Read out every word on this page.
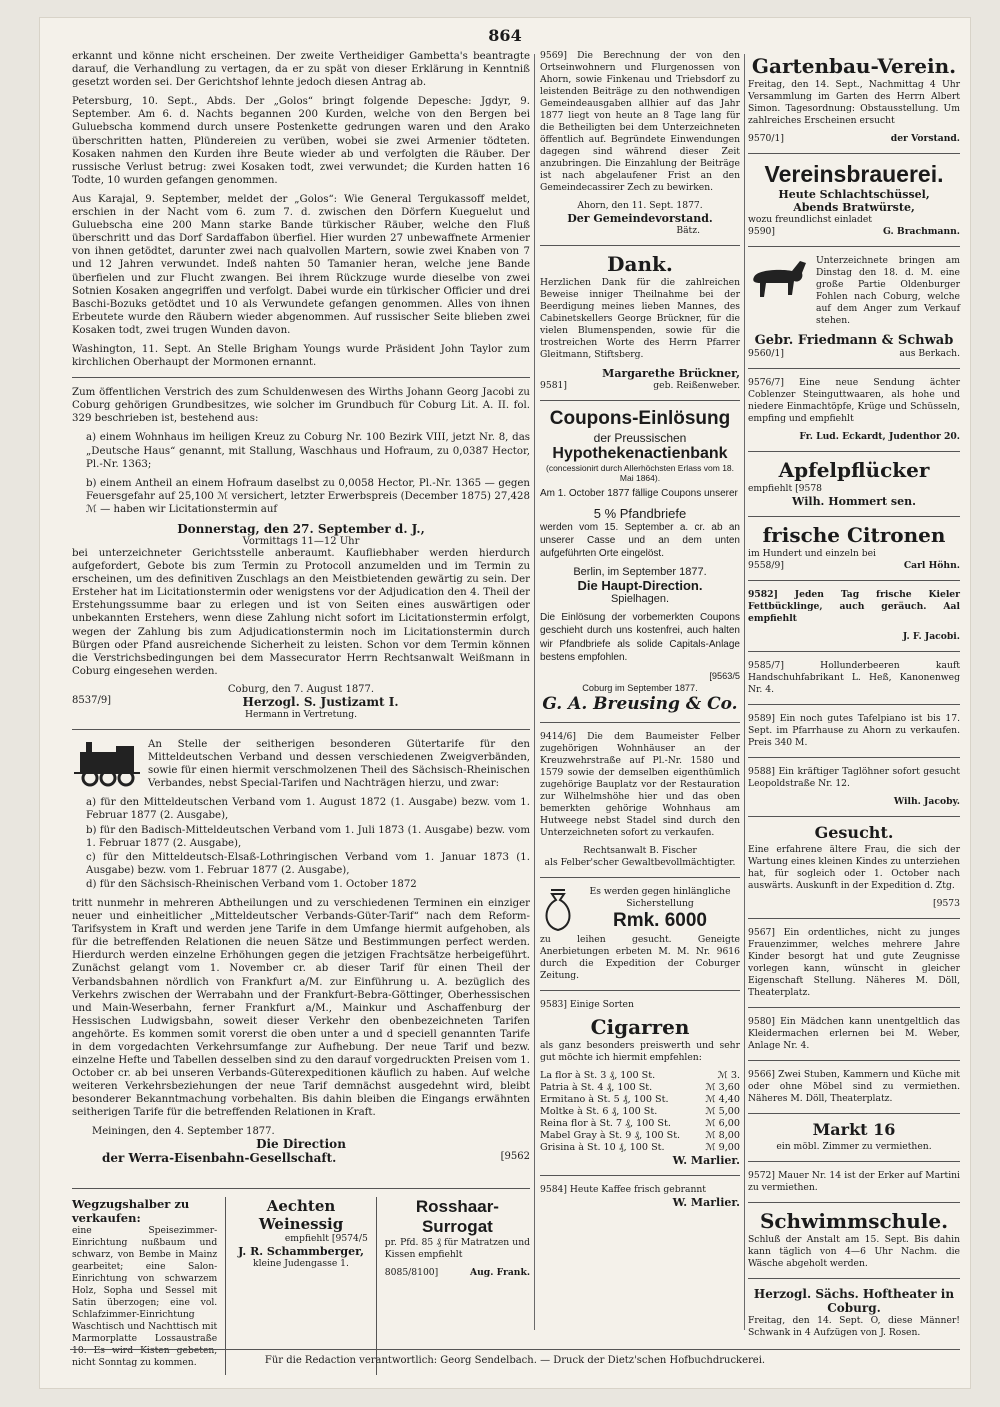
864

erkannt und könne nicht erscheinen. Der zweite Vertheidiger Gambetta's beantragte darauf, die Verhandlung zu vertagen, da er zu spät von dieser Erklärung in Kenntniß gesetzt worden sei. Der Gerichtshof lehnte jedoch diesen Antrag ab.

Petersburg, 10. Sept., Abds. Der „Golos“ bringt folgende Depesche: Jgdyr, 9. September. Am 6. d. Nachts begannen 200 Kurden, welche von den Bergen bei Guluebscha kommend durch unsere Postenkette gedrungen waren und den Arako überschritten hatten, Plündereien zu verüben, wobei sie zwei Armenier tödteten. Kosaken nahmen den Kurden ihre Beute wieder ab und verfolgten die Räuber. Der russische Verlust betrug: zwei Kosaken todt, zwei verwundet; die Kurden hatten 16 Todte, 10 wurden gefangen genommen.

Aus Karajal, 9. September, meldet der „Golos“: Wie General Tergukassoff meldet, erschien in der Nacht vom 6. zum 7. d. zwischen den Dörfern Kueguelut und Guluebscha eine 200 Mann starke Bande türkischer Räuber, welche den Fluß überschritt und das Dorf Sardaffabon überfiel. Hier wurden 27 unbewaffnete Armenier von ihnen getödtet, darunter zwei nach qualvollen Martern, sowie zwei Knaben von 7 und 12 Jahren verwundet. Indeß nahten 50 Tamanier heran, welche jene Bande überfielen und zur Flucht zwangen. Bei ihrem Rückzuge wurde dieselbe von zwei Sotnien Kosaken angegriffen und verfolgt. Dabei wurde ein türkischer Officier und drei Baschi-Bozuks getödtet und 10 als Verwundete gefangen genommen. Alles von ihnen Erbeutete wurde den Räubern wieder abgenommen. Auf russischer Seite blieben zwei Kosaken todt, zwei trugen Wunden davon.

Washington, 11. Sept. An Stelle Brigham Youngs wurde Präsident John Taylor zum kirchlichen Oberhaupt der Mormonen ernannt.

Zum öffentlichen Verstrich des zum Schuldenwesen des Wirths Johann Georg Jacobi zu Coburg gehörigen Grundbesitzes, wie solcher im Grundbuch für Coburg Lit. A. II. fol. 329 beschrieben ist, bestehend aus:

a) einem Wohnhaus im heiligen Kreuz zu Coburg Nr. 100 Bezirk VIII, jetzt Nr. 8, das „Deutsche Haus“ genannt, mit Stallung, Waschhaus und Hofraum, zu 0,0387 Hector, Pl.-Nr. 1363;

b) einem Antheil an einem Hofraum daselbst zu 0,0058 Hector, Pl.-Nr. 1365 — gegen Feuersgefahr auf 25,100 ℳ versichert, letzter Erwerbspreis (December 1875) 27,428 ℳ — haben wir Licitationstermin auf

Donnerstag, den 27. September d. J.,
Vormittags 11—12 Uhr

bei unterzeichneter Gerichtsstelle anberaumt. Kaufliebhaber werden hierdurch aufgefordert, Gebote bis zum Termin zu Protocoll anzumelden und im Termin zu erscheinen, um des definitiven Zuschlags an den Meistbietenden gewärtig zu sein. Der Ersteher hat im Licitationstermin oder wenigstens vor der Adjudication den 4. Theil der Erstehungssumme baar zu erlegen und ist von Seiten eines auswärtigen oder unbekannten Erstehers, wenn diese Zahlung nicht sofort im Licitationstermin erfolgt, wegen der Zahlung bis zum Adjudicationstermin noch im Licitationstermin durch Bürgen oder Pfand ausreichende Sicherheit zu leisten. Schon vor dem Termin können die Verstrichsbedingungen bei dem Massecurator Herrn Rechtsanwalt Weißmann in Coburg eingesehen werden.

Coburg, den 7. August 1877.
8537/9]	Herzogl. S. Justizamt I.
Hermann in Vertretung.

An Stelle der seitherigen besonderen Gütertarife für den Mitteldeutschen Verband und dessen verschiedenen Zweigverbänden, sowie für einen hiermit verschmolzenen Theil des Sächsisch-Rheinischen Verbandes, nebst Special-Tarifen und Nachträgen hierzu, und zwar:

a) für den Mitteldeutschen Verband vom 1. August 1872 (1. Ausgabe) bezw. vom 1. Februar 1877 (2. Ausgabe),

b) für den Badisch-Mitteldeutschen Verband vom 1. Juli 1873 (1. Ausgabe) bezw. vom 1. Februar 1877 (2. Ausgabe),

c) für den Mitteldeutsch-Elsaß-Lothringischen Verband vom 1. Januar 1873 (1. Ausgabe) bezw. vom 1. Februar 1877 (2. Ausgabe),

d) für den Sächsisch-Rheinischen Verband vom 1. October 1872

tritt nunmehr in mehreren Abtheilungen und zu verschiedenen Terminen ein einziger neuer und einheitlicher „Mitteldeutscher Verbands-Güter-Tarif“ nach dem Reform-Tarifsystem in Kraft und werden jene Tarife in dem Umfange hiermit aufgehoben, als für die betreffenden Relationen die neuen Sätze und Bestimmungen perfect werden. Hierdurch werden einzelne Erhöhungen gegen die jetzigen Frachtsätze herbeigeführt. Zunächst gelangt vom 1. November cr. ab dieser Tarif für einen Theil der Verbandsbahnen nördlich von Frankfurt a/M. zur Einführung u. A. bezüglich des Verkehrs zwischen der Werrabahn und der Frankfurt-Bebra-Göttinger, Oberhessischen und Main-Weserbahn, ferner Frankfurt a/M., Mainkur und Aschaffenburg der Hessischen Ludwigsbahn, soweit dieser Verkehr den obenbezeichneten Tarifen angehörte. Es kommen somit vorerst die oben unter a und d speciell genannten Tarife in dem vorgedachten Verkehrsumfange zur Aufhebung. Der neue Tarif und bezw. einzelne Hefte und Tabellen desselben sind zu den darauf vorgedruckten Preisen vom 1. October cr. ab bei unseren Verbands-Güterexpeditionen käuflich zu haben. Auf welche weiteren Verkehrsbeziehungen der neue Tarif demnächst ausgedehnt wird, bleibt besonderer Bekanntmachung vorbehalten. Bis dahin bleiben die Eingangs erwähnten seitherigen Tarife für die betreffenden Relationen in Kraft.

Meiningen, den 4. September 1877.
Die Direction
der Werra-Eisenbahn-Gesellschaft.	[9562
Wegzugshalber zu verkaufen:

eine Speisezimmer-Einrichtung nußbaum und schwarz, von Bembe in Mainz gearbeitet; eine Salon-Einrichtung von schwarzem Holz, Sopha und Sessel mit Satin überzogen; eine vol. Schlafzimmer-Einrichtung Waschtisch und Nachttisch mit Marmorplatte Lossaustraße 10. Es wird Kisten gebeten, nicht Sonntag zu kommen.

Aechten Weinessig
empfiehlt [9574/5
J. R. Schammberger,
kleine Judengasse 1.
Rosshaar-Surrogat

pr. Pfd. 85 ₰ für Matratzen und Kissen empfiehlt

8085/8100]	Aug. Frank.

9569] Die Berechnung der von den Ortseinwohnern und Flurgenossen von Ahorn, sowie Finkenau und Triebsdorf zu leistenden Beiträge zu den nothwendigen Gemeindeausgaben allhier auf das Jahr 1877 liegt von heute an 8 Tage lang für die Betheiligten bei dem Unterzeichneten öffentlich auf. Begründete Einwendungen dagegen sind während dieser Zeit anzubringen. Die Einzahlung der Beiträge ist nach abgelaufener Frist an den Gemeindecassirer Zech zu bewirken.

Ahorn, den 11. Sept. 1877.
Der Gemeindevorstand.
Bätz.
Dank.

Herzlichen Dank für die zahlreichen Beweise inniger Theilnahme bei der Beerdigung meines lieben Mannes, des Cabinetskellers George Brückner, für die vielen Blumenspenden, sowie für die trostreichen Worte des Herrn Pfarrer Gleitmann, Stiftsberg.

Margarethe Brückner,
9581]	geb. Reißenweber.
Coupons-Einlösung
der Preussischen
Hypothekenactienbank
(concessionirt durch Allerhöchsten Erlass vom 18. Mai 1864).

Am 1. October 1877 fällige Coupons unserer

5 % Pfandbriefe

werden vom 15. September a. cr. ab an unserer Casse und an dem unten aufgeführten Orte eingelöst.

Berlin, im September 1877.
Die Haupt-Direction.
Spielhagen.

Die Einlösung der vorbemerkten Coupons geschieht durch uns kostenfrei, auch halten wir Pfandbriefe als solide Capitals-Anlage bestens empfohlen.

[9563/5
Coburg im September 1877.
G. A. Breusing & Co.

9414/6] Die dem Baumeister Felber zugehörigen Wohnhäuser an der Kreuzwehrstraße auf Pl.-Nr. 1580 und 1579 sowie der demselben eigenthümlich zugehörige Bauplatz vor der Restauration zur Wilhelmshöhe hier und das oben bemerkten gehörige Wohnhaus am Hutweege nebst Stadel sind durch den Unterzeichneten sofort zu verkaufen.

Rechtsanwalt B. Fischer
als Felber'scher Gewaltbevollmächtigter.
Es werden gegen hinlängliche Sicherstellung
Rmk. 6000

zu leihen gesucht. Geneigte Anerbietungen erbeten M. M. Nr. 9616 durch die Expedition der Coburger Zeitung.

9583] Einige Sorten
Cigarren

als ganz besonders preiswerth und sehr gut möchte ich hiermit empfehlen:

La flor à St. 3 ₰, 100 St.	ℳ 3.
Patria à St. 4 ₰, 100 St.	ℳ 3,60
Ermitano à St. 5 ₰, 100 St.	ℳ 4,40
Moltke à St. 6 ₰, 100 St.	ℳ 5,00
Reina flor à St. 7 ₰, 100 St.	ℳ 6,00
Mabel Gray à St. 9 ₰, 100 St.	ℳ 8,00
Grisina à St. 10 ₰, 100 St.	ℳ 9,00
W. Marlier.
9584] Heute Kaffee frisch gebrannt
W. Marlier.
Gartenbau-Verein.

Freitag, den 14. Sept., Nachmittag 4 Uhr Versammlung im Garten des Herrn Albert Simon. Tagesordnung: Obstausstellung. Um zahlreiches Erscheinen ersucht

9570/1]	der Vorstand.
Vereinsbrauerei.
Heute Schlachtschüssel,
Abends Bratwürste,
wozu freundlichst einladet
9590]	G. Brachmann.

Unterzeichnete bringen am Dinstag den 18. d. M. eine große Partie Oldenburger Fohlen nach Coburg, welche auf dem Anger zum Verkauf stehen.

Gebr. Friedmann & Schwab
9560/1]	aus Berkach.

9576/7] Eine neue Sendung ächter Coblenzer Steinguttwaaren, als hohe und niedere Einmachtöpfe, Krüge und Schüsseln, empfing und empfiehlt

Fr. Lud. Eckardt, Judenthor 20.
Apfelpflücker
empfiehlt [9578
Wilh. Hommert sen.
frische Citronen
im Hundert und einzeln bei
9558/9]	Carl Höhn.

9582] Jeden Tag frische Kieler Fettbücklinge, auch geräuch. Aal empfiehlt

J. F. Jacobi.

9585/7] Hollunderbeeren kauft Handschuhfabrikant L. Heß, Kanonenweg Nr. 4.

9589] Ein noch gutes Tafelpiano ist bis 17. Sept. im Pfarrhause zu Ahorn zu verkaufen. Preis 340 M.

9588] Ein kräftiger Taglöhner sofort gesucht Leopoldstraße Nr. 12.

Wilh. Jacoby.
Gesucht.

Eine erfahrene ältere Frau, die sich der Wartung eines kleinen Kindes zu unterziehen hat, für sogleich oder 1. October nach auswärts. Auskunft in der Expedition d. Ztg.

[9573

9567] Ein ordentliches, nicht zu junges Frauenzimmer, welches mehrere Jahre Kinder besorgt hat und gute Zeugnisse vorlegen kann, wünscht in gleicher Eigenschaft Stellung. Näheres M. Döll, Theaterplatz.

9580] Ein Mädchen kann unentgeltlich das Kleidermachen erlernen bei M. Weber, Anlage Nr. 4.

9566] Zwei Stuben, Kammern und Küche mit oder ohne Möbel sind zu vermiethen. Näheres M. Döll, Theaterplatz.

Markt 16
ein möbl. Zimmer zu vermiethen.

9572] Mauer Nr. 14 ist der Erker auf Martini zu vermiethen.

Schwimmschule.

Schluß der Anstalt am 15. Sept. Bis dahin kann täglich von 4—6 Uhr Nachm. die Wäsche abgeholt werden.

Herzogl. Sächs. Hoftheater in Coburg.

Freitag, den 14. Sept. O, diese Männer! Schwank in 4 Aufzügen von J. Rosen.

Für die Redaction verantwortlich: Georg Sendelbach. — Druck der Dietz'schen Hofbuchdruckerei.
